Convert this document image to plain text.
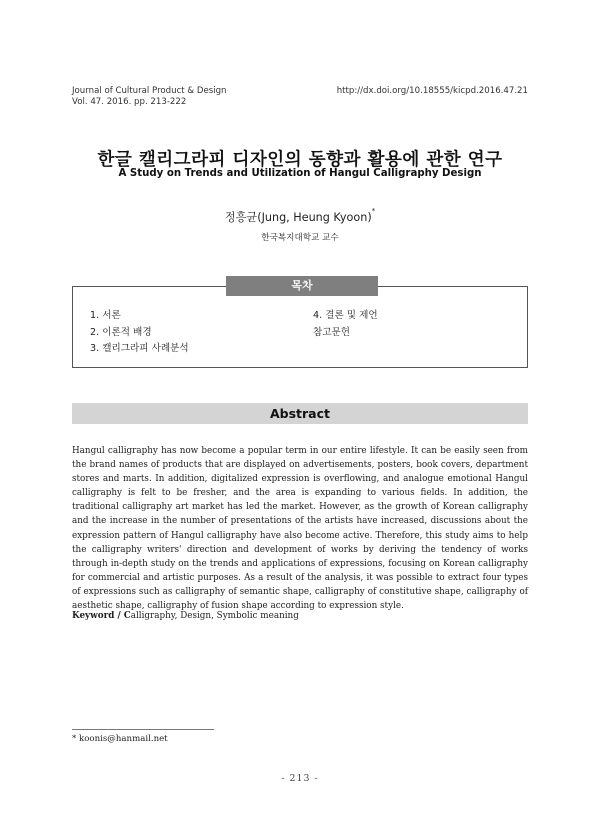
Journal of Cultural Product & Design
Vol. 47. 2016. pp. 213-222
http://dx.doi.org/10.18555/kicpd.2016.47.21
한글 캘리그라피 디자인의 동향과 활용에 관한 연구
A Study on Trends and Utilization of Hangul Calligraphy Design
정흥균(Jung, Heung Kyoon)*
한국복지대학교 교수
목차
1. 서론
2. 이론적 배경
3. 캘리그라피 사례분석
4. 결론 및 제언
참고문헌
Abstract
Hangul calligraphy has now become a popular term in our entire lifestyle. It can be easily seen from the brand names of products that are displayed on advertisements, posters, book covers, department stores and marts. In addition, digitalized expression is overflowing, and analogue emotional Hangul calligraphy is felt to be fresher, and the area is expanding to various fields. In addition, the traditional calligraphy art market has led the market. However, as the growth of Korean calligraphy and the increase in the number of presentations of the artists have increased, discussions about the expression pattern of Hangul calligraphy have also become active. Therefore, this study aims to help the calligraphy writers' direction and development of works by deriving the tendency of works through in-depth study on the trends and applications of expressions, focusing on Korean calligraphy for commercial and artistic purposes. As a result of the analysis, it was possible to extract four types of expressions such as calligraphy of semantic shape, calligraphy of constitutive shape, calligraphy of aesthetic shape, calligraphy of fusion shape according to expression style.
Keyword / Calligraphy, Design, Symbolic meaning
* koonis@hanmail.net
- 213 -
